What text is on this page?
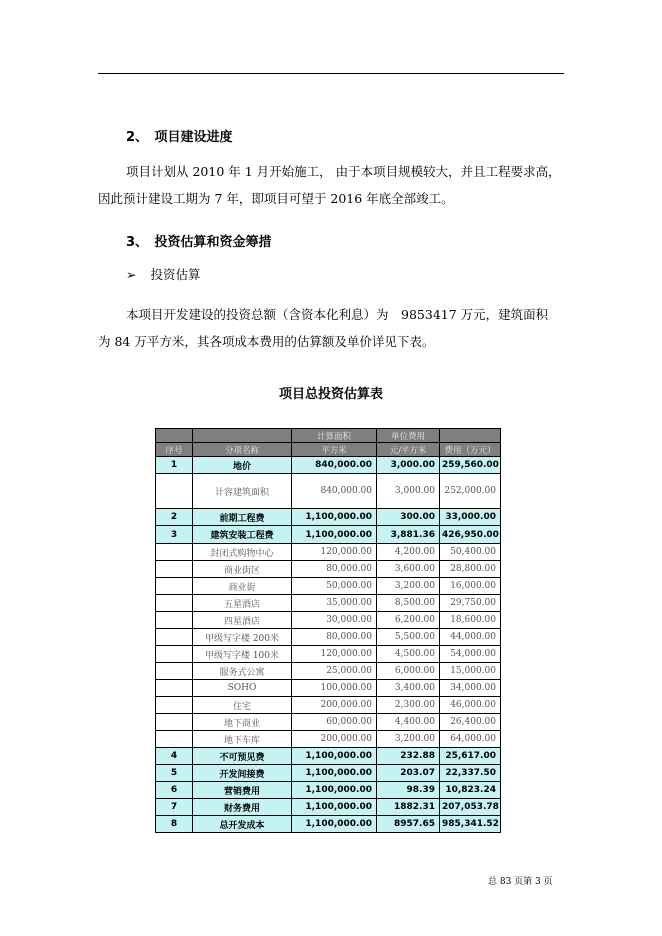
2、　项目建设进度
项目计划从 2010 年 1 月开始施工， 由于本项目规模较大，并且工程要求高，
因此预计建设工期为 7 年，即项目可望于 2016 年底全部竣工。
3、　投资估算和资金筹措
➢ 投资估算
本项目开发建设的投资总额（含资本化利息）为　9853417 万元，建筑面积
为 84 万平方米，其各项成本费用的估算额及单价详见下表。
项目总投资估算表
		计算面积	单位费用	
序号	分项名称	平方米	元/平方米	费用（万元）
1	地价	840,000.00	3,000.00	259,560.00
	计容建筑面积	840,000.00	3,000.00	252,000.00
2	前期工程费	1,100,000.00	300.00	33,000.00
3	建筑安装工程费	1,100,000.00	3,881.36	426,950.00
	封闭式购物中心	120,000.00	4,200.00	50,400.00
	商业街区	80,000.00	3,600.00	28,800.00
	商业街	50,000.00	3,200.00	16,000.00
	五星酒店	35,000.00	8,500.00	29,750.00
	四星酒店	30,000.00	6,200.00	18,600.00
	甲级写字楼 200米	80,000.00	5,500.00	44,000.00
	甲级写字楼 100米	120,000.00	4,500.00	54,000.00
	服务式公寓	25,000.00	6,000.00	15,000.00
	SOHO	100,000.00	3,400.00	34,000.00
	住宅	200,000.00	2,300.00	46,000.00
	地下商业	60,000.00	4,400.00	26,400.00
	地下车库	200,000.00	3,200.00	64,000.00
4	不可预见费	1,100,000.00	232.88	25,617.00
5	开发间接费	1,100,000.00	203.07	22,337.50
6	营销费用	1,100,000.00	98.39	10,823.24
7	财务费用	1,100,000.00	1882.31	207,053.78
8	总开发成本	1,100,000.00	8957.65	985,341.52
总 83 页第 3 页
